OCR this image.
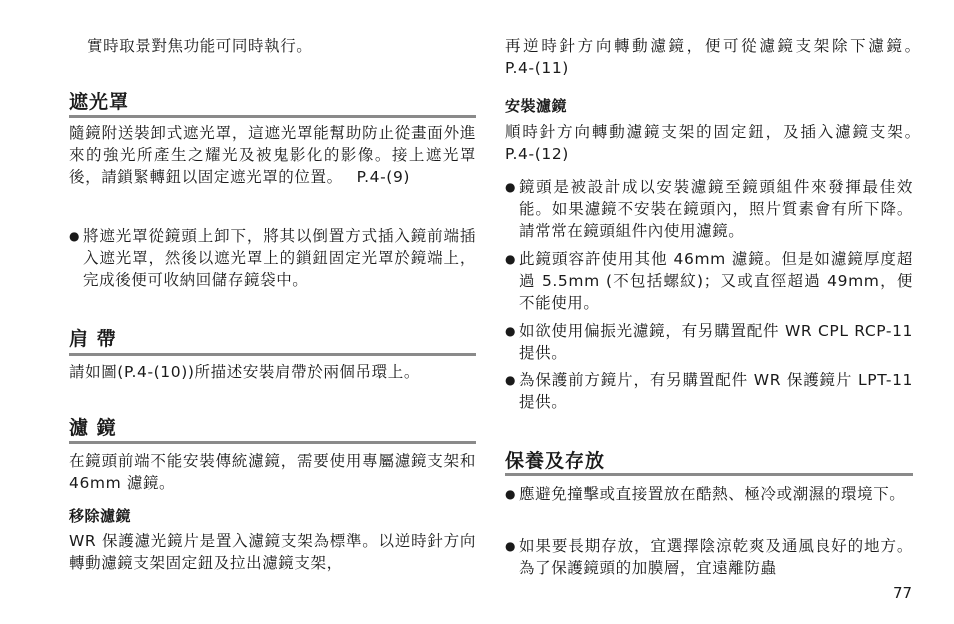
實時取景對焦功能可同時執行。

遮光罩

隨鏡附送裝卸式遮光罩，這遮光罩能幫助防止從畫面外進來的強光所產生之耀光及被鬼影化的影像。接上遮光罩後，請鎖緊轉鈕以固定遮光罩的位置。　 P.4-(9)

● 將遮光罩從鏡頭上卸下，將其以倒置方式插入鏡前端插入遮光罩，然後以遮光罩上的鎖鈕固定光罩於鏡端上，完成後便可收納回儲存鏡袋中。
肩 帶

請如圖(P.4-(10))所描述安裝肩帶於兩個吊環上。

濾 鏡

在鏡頭前端不能安裝傳統濾鏡，需要使用專屬濾鏡支架和 46mm 濾鏡。

移除濾鏡

WR 保護濾光鏡片是置入濾鏡支架為標準。以逆時針方向轉動濾鏡支架固定鈕及拉出濾鏡支架，

再逆時針方向轉動濾鏡，便可從濾鏡支架除下濾鏡。　 P.4-(11)

安裝濾鏡

順時針方向轉動濾鏡支架的固定鈕，及插入濾鏡支架。　 P.4-(12)

● 鏡頭是被設計成以安裝濾鏡至鏡頭組件來發揮最佳效能。如果濾鏡不安裝在鏡頭內，照片質素會有所下降。請常常在鏡頭組件內使用濾鏡。
● 此鏡頭容許使用其他 46mm 濾鏡。但是如濾鏡厚度超過 5.5mm (不包括螺紋)；又或直徑超過 49mm，便不能使用。
● 如欲使用偏振光濾鏡，有另購置配件 WR CPL RCP-11 提供。
● 為保護前方鏡片，有另購置配件 WR 保護鏡片 LPT-11 提供。
保養及存放
● 應避免撞擊或直接置放在酷熱、極冷或潮濕的環境下。
● 如果要長期存放，宜選擇陰涼乾爽及通風良好的地方。為了保護鏡頭的加膜層，宜遠離防蟲
77
